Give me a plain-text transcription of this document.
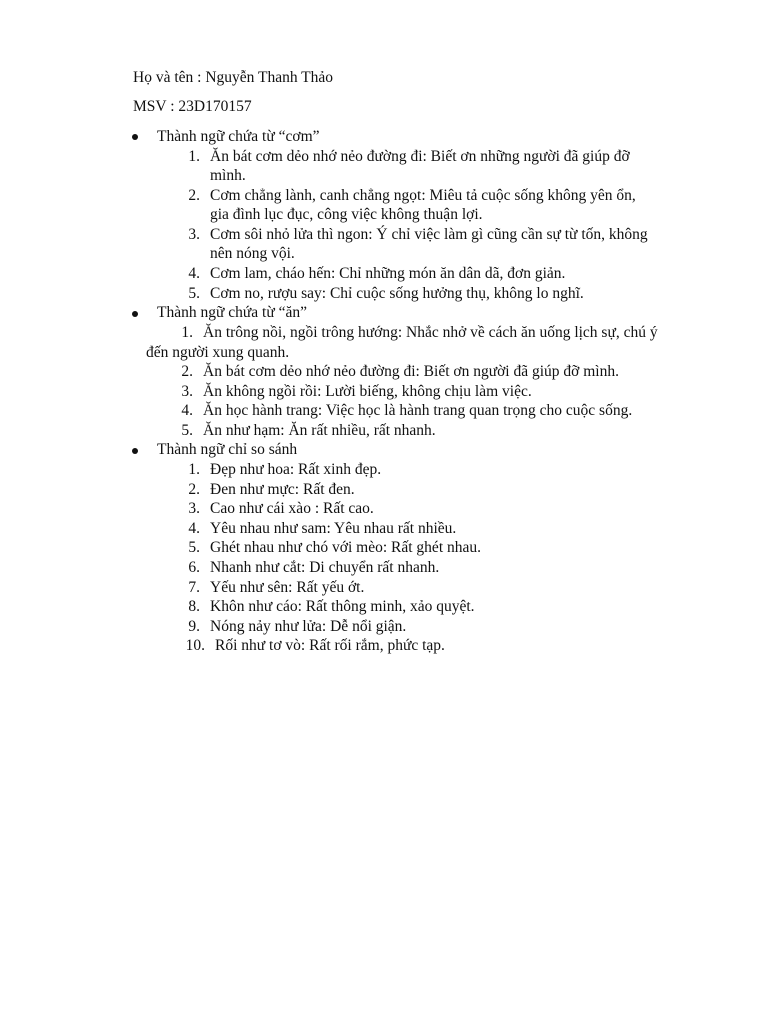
Họ và tên : Nguyễn Thanh Thảo
MSV : 23D170157
Thành ngữ chứa từ “cơm”
1. Ăn bát cơm dẻo nhớ nẻo đường đi: Biết ơn những người đã giúp đỡ
mình.
2. Cơm chẳng lành, canh chẳng ngọt: Miêu tả cuộc sống không yên ổn,
gia đình lục đục, công việc không thuận lợi.
3. Cơm sôi nhỏ lửa thì ngon: Ý chỉ việc làm gì cũng cần sự từ tốn, không
nên nóng vội.
4. Cơm lam, cháo hến: Chỉ những món ăn dân dã, đơn giản.
5. Cơm no, rượu say: Chỉ cuộc sống hưởng thụ, không lo nghĩ.
Thành ngữ chứa từ “ăn”
1. Ăn trông nồi, ngồi trông hướng: Nhắc nhở về cách ăn uống lịch sự, chú ý
đến người xung quanh.
2. Ăn bát cơm dẻo nhớ nẻo đường đi: Biết ơn người đã giúp đỡ mình.
3. Ăn không ngồi rồi: Lười biếng, không chịu làm việc.
4. Ăn học hành trang: Việc học là hành trang quan trọng cho cuộc sống.
5. Ăn như hạm: Ăn rất nhiều, rất nhanh.
Thành ngữ chỉ so sánh
1. Đẹp như hoa: Rất xinh đẹp.
2. Đen như mực: Rất đen.
3. Cao như cái xào : Rất cao.
4. Yêu nhau như sam: Yêu nhau rất nhiều.
5. Ghét nhau như chó với mèo: Rất ghét nhau.
6. Nhanh như cắt: Di chuyển rất nhanh.
7. Yếu như sên: Rất yếu ớt.
8. Khôn như cáo: Rất thông minh, xảo quyệt.
9. Nóng nảy như lửa: Dễ nổi giận.
10. Rối như tơ vò: Rất rối rắm, phức tạp.
